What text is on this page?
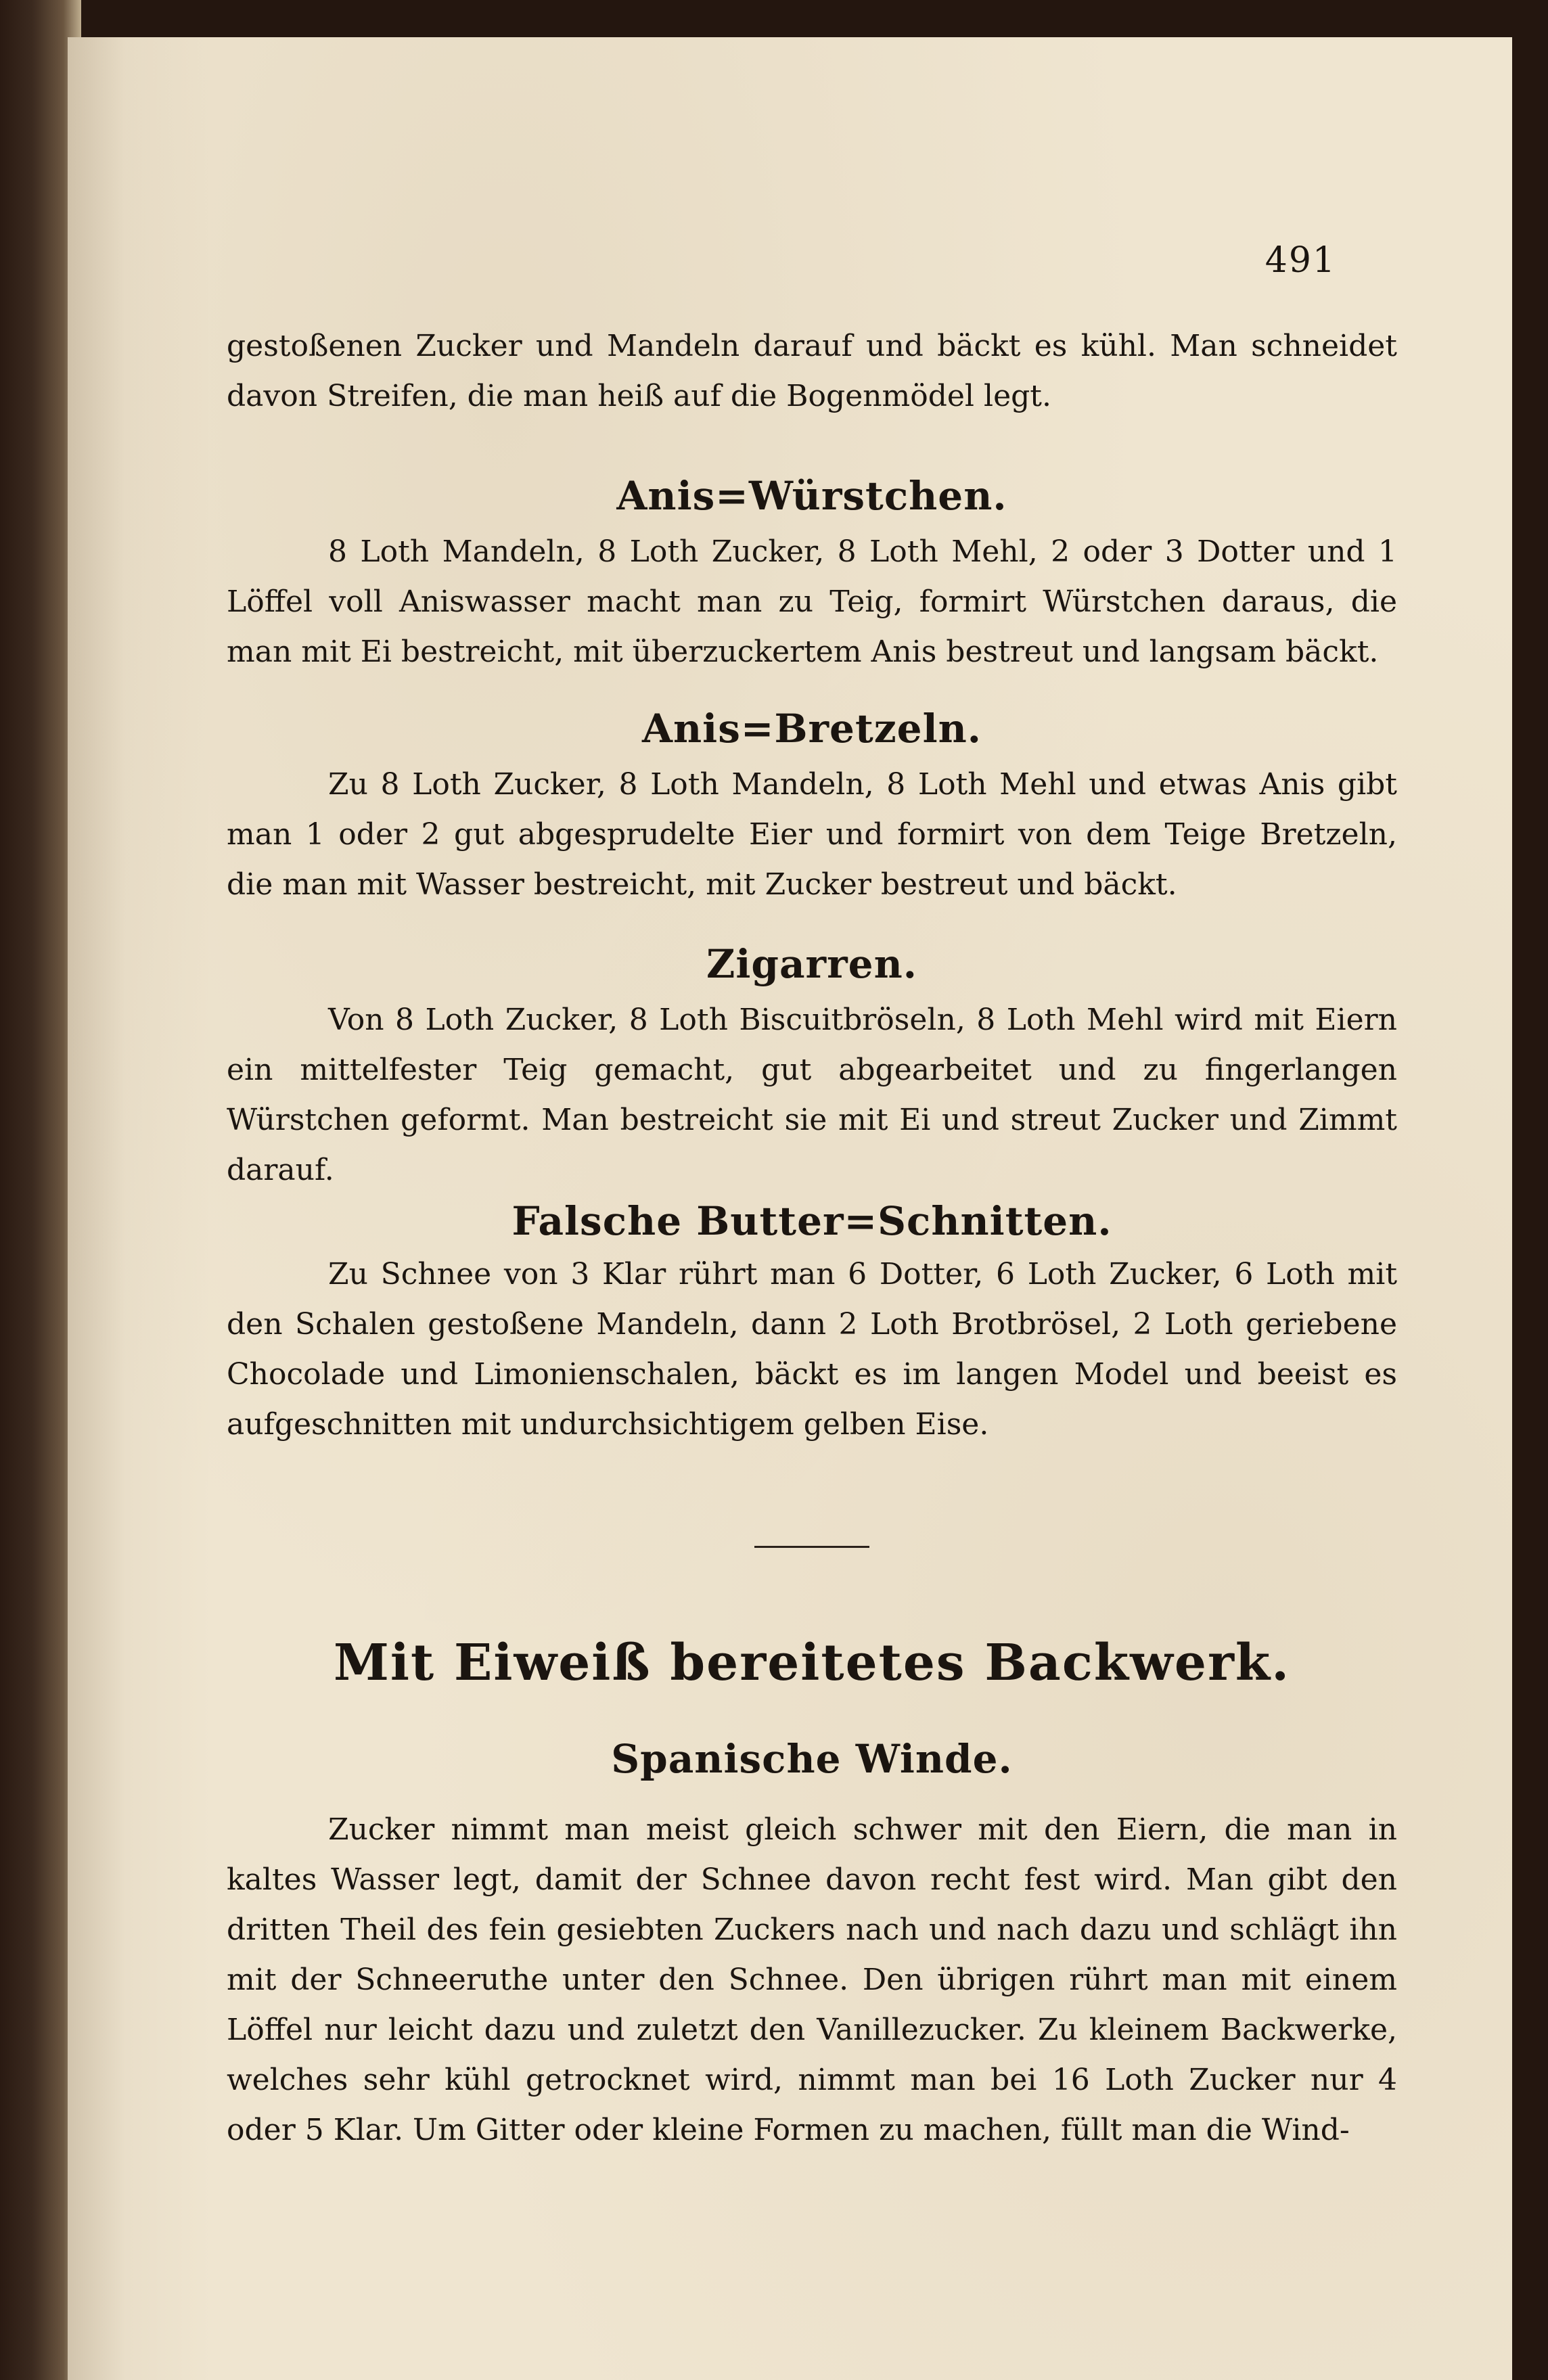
491

gestoßenen Zucker und Mandeln darauf und bäckt es kühl. Man schneidet davon Streifen, die man heiß auf die Bogenmödel legt.

Anis=Würstchen.

8 Loth Mandeln, 8 Loth Zucker, 8 Loth Mehl, 2 oder 3 Dotter und 1 Löffel voll Aniswasser macht man zu Teig, formirt Würstchen daraus, die man mit Ei bestreicht, mit überzuckertem Anis bestreut und langsam bäckt.

Anis=Bretzeln.

Zu 8 Loth Zucker, 8 Loth Mandeln, 8 Loth Mehl und etwas Anis gibt man 1 oder 2 gut abgesprudelte Eier und formirt von dem Teige Bretzeln, die man mit Wasser bestreicht, mit Zucker bestreut und bäckt.

Zigarren.

Von 8 Loth Zucker, 8 Loth Biscuitbröseln, 8 Loth Mehl wird mit Eiern ein mittelfester Teig gemacht, gut abgearbeitet und zu fingerlangen Würstchen geformt. Man bestreicht sie mit Ei und streut Zucker und Zimmt darauf.

Falsche Butter=Schnitten.

Zu Schnee von 3 Klar rührt man 6 Dotter, 6 Loth Zucker, 6 Loth mit den Schalen gestoßene Mandeln, dann 2 Loth Brotbrösel, 2 Loth geriebene Chocolade und Limonienschalen, bäckt es im langen Model und beeist es aufgeschnitten mit undurchsichtigem gelben Eise.

Mit Eiweiß bereitetes Backwerk.
Spanische Winde.

Zucker nimmt man meist gleich schwer mit den Eiern, die man in kaltes Wasser legt, damit der Schnee davon recht fest wird. Man gibt den dritten Theil des fein gesiebten Zuckers nach und nach dazu und schlägt ihn mit der Schneeruthe unter den Schnee. Den übrigen rührt man mit einem Löffel nur leicht dazu und zuletzt den Vanillezucker. Zu kleinem Backwerke, welches sehr kühl getrocknet wird, nimmt man bei 16 Loth Zucker nur 4 oder 5 Klar. Um Gitter oder kleine Formen zu machen, füllt man die Wind-
